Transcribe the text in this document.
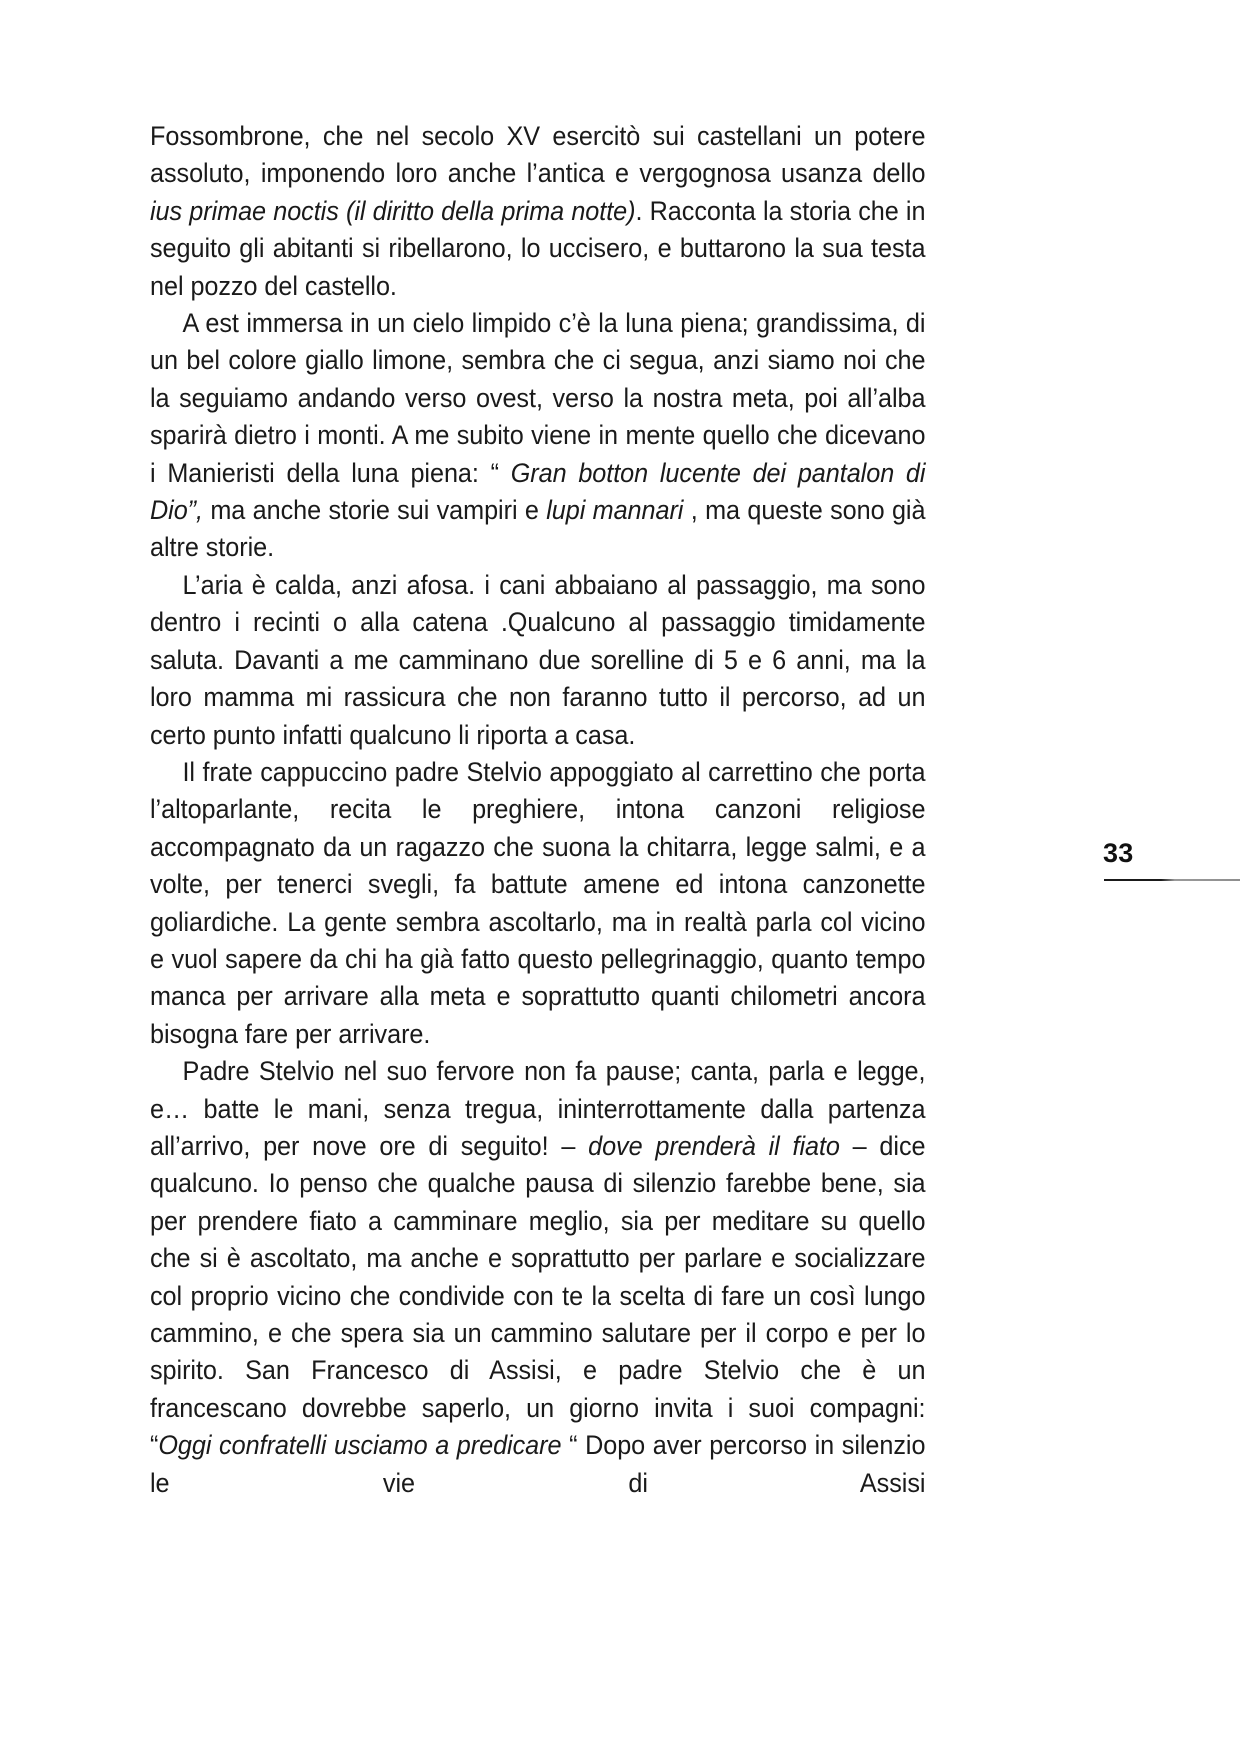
Fossombrone, che nel secolo XV esercitò sui castellani un potere assoluto, imponendo loro anche l’antica e vergognosa usanza dello ius primae noctis (il diritto della prima notte). Racconta la storia che in seguito gli abitanti si ribellarono, lo uccisero, e buttarono la sua testa nel pozzo del castello.

A est immersa in un cielo limpido c’è la luna piena; grandissima, di un bel colore giallo limone, sembra che ci segua, anzi siamo noi che la seguiamo andando verso ovest, verso la nostra meta, poi all’alba sparirà dietro i monti. A me subito viene in mente quello che dicevano i Manieristi della luna piena: “ Gran botton lucente dei pantalon di Dio”, ma anche storie sui vampiri e lupi mannari , ma queste sono già altre storie.

L’aria è calda, anzi afosa. i cani abbaiano al passaggio, ma sono dentro i recinti o alla catena .Qualcuno al passaggio timidamente saluta. Davanti a me camminano due sorelline di 5 e 6 anni, ma la loro mamma mi rassicura che non faranno tutto il percorso, ad un certo punto infatti qualcuno li riporta a casa.

Il frate cappuccino padre Stelvio appoggiato al carrettino che porta l’altoparlante, recita le preghiere, intona canzoni religiose accompagnato da un ragazzo che suona la chitarra, legge salmi, e a volte, per tenerci svegli, fa battute amene ed intona canzonette goliardiche. La gente sembra ascoltarlo, ma in realtà parla col vicino e vuol sapere da chi ha già fatto questo pellegrinaggio, quanto tempo manca per arrivare alla meta e soprattutto quanti chilometri ancora bisogna fare per arrivare.

Padre Stelvio nel suo fervore non fa pause; canta, parla e legge, e… batte le mani, senza tregua, ininterrottamente dalla partenza all’arrivo, per nove ore di seguito! – dove prenderà il fiato – dice qualcuno. Io penso che qualche pausa di silenzio farebbe bene, sia per prendere fiato a camminare meglio, sia per meditare su quello che si è ascoltato, ma anche e soprattutto per parlare e socializzare col proprio vicino che condivide con te la scelta di fare un così lungo cammino, e che spera sia un cammino salutare per il corpo e per lo spirito. San Francesco di Assisi, e padre Stelvio che è un francescano dovrebbe saperlo, un giorno invita i suoi compagni: “Oggi confratelli usciamo a predicare “ Dopo aver percorso in silenzio le vie di Assisi

33
